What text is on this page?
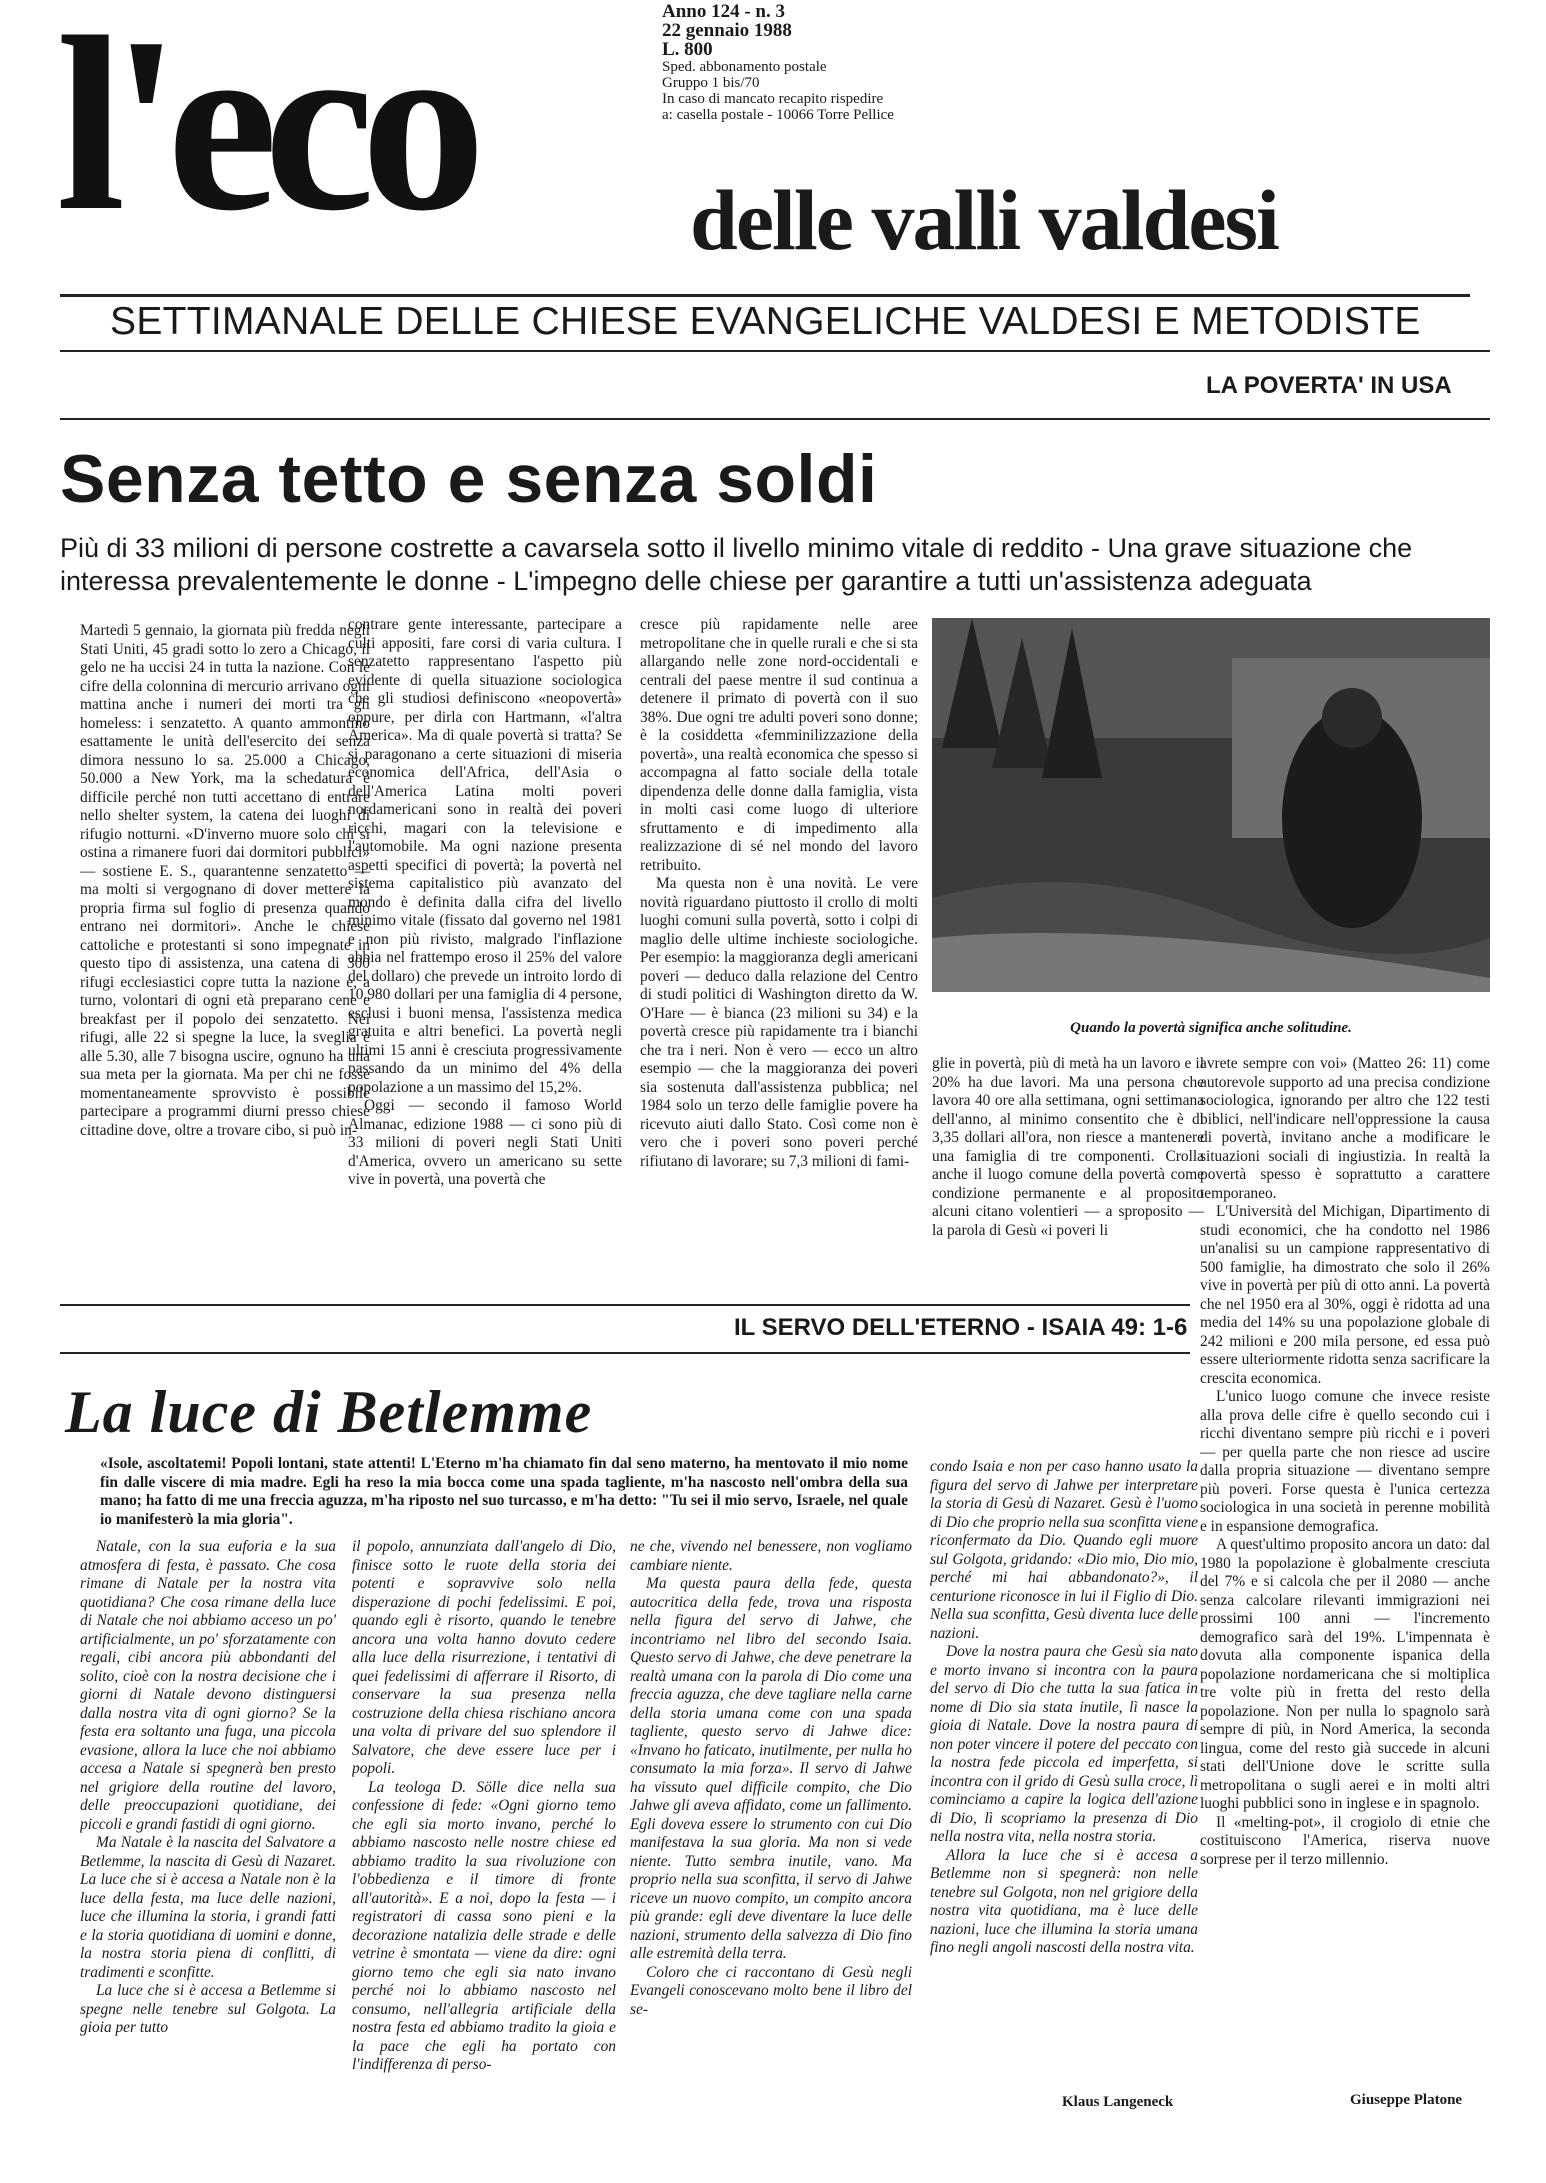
l'eco	Anno 124 - n. 3
22 gennaio 1988
L. 800
Sped. abbonamento postale
Gruppo 1 bis/70
In caso di mancato recapito rispedire
a: casella postale - 10066 Torre Pellice
delle valli valdesi
SETTIMANALE DELLE CHIESE EVANGELICHE VALDESI E METODISTE
LA POVERTA' IN USA
Senza tetto e senza soldi
Più di 33 milioni di persone costrette a cavarsela sotto il livello minimo vitale di reddito - Una grave situazione che interessa prevalentemente le donne - L'impegno delle chiese per garantire a tutti un'assistenza adeguata

Martedì 5 gennaio, la giornata più fredda negli Stati Uniti, 45 gradi sotto lo zero a Chicago, il gelo ne ha uccisi 24 in tutta la nazione. Con le cifre della colonnina di mercurio arrivano ogni mattina anche i numeri dei morti tra gli homeless: i senzatetto. A quanto ammontino esattamente le unità dell'esercito dei senza dimora nessuno lo sa. 25.000 a Chicago, 50.000 a New York, ma la schedatura è difficile perché non tutti accettano di entrare nello shelter system, la catena dei luoghi di rifugio notturni. «D'inverno muore solo chi si ostina a rimanere fuori dai dormitori pubblici» — sostiene E. S., quarantenne senzatetto — ma molti si vergognano di dover mettere la propria firma sul foglio di presenza quando entrano nei dormitori». Anche le chiese cattoliche e protestanti si sono impegnate in questo tipo di assistenza, una catena di 300 rifugi ecclesiastici copre tutta la nazione e, a turno, volontari di ogni età preparano cene e breakfast per il popolo dei senzatetto. Nei rifugi, alle 22 si spegne la luce, la sveglia è alle 5.30, alle 7 bisogna uscire, ognuno ha una sua meta per la giornata. Ma per chi ne fosse momentaneamente sprovvisto è possibile partecipare a programmi diurni presso chiese cittadine dove, oltre a trovare cibo, si può in-

contrare gente interessante, partecipare a culti appositi, fare corsi di varia cultura. I senzatetto rappresentano l'aspetto più evidente di quella situazione sociologica che gli studiosi definiscono «neopovertà» oppure, per dirla con Hartmann, «l'altra America». Ma di quale povertà si tratta? Se si paragonano a certe situazioni di miseria economica dell'Africa, dell'Asia o dell'America Latina molti poveri nordamericani sono in realtà dei poveri ricchi, magari con la televisione e l'automobile. Ma ogni nazione presenta aspetti specifici di povertà; la povertà nel sistema capitalistico più avanzato del mondo è definita dalla cifra del livello minimo vitale (fissato dal governo nel 1981 e non più rivisto, malgrado l'inflazione abbia nel frattempo eroso il 25% del valore del dollaro) che prevede un introito lordo di 10.980 dollari per una famiglia di 4 persone, esclusi i buoni mensa, l'assistenza medica gratuita e altri benefici. La povertà negli ultimi 15 anni è cresciuta progressivamente passando da un minimo del 4% della popolazione a un massimo del 15,2%.

Oggi — secondo il famoso World Almanac, edizione 1988 — ci sono più di 33 milioni di poveri negli Stati Uniti d'America, ovvero un americano su sette vive in povertà, una povertà che

cresce più rapidamente nelle aree metropolitane che in quelle rurali e che si sta allargando nelle zone nord-occidentali e centrali del paese mentre il sud continua a detenere il primato di povertà con il suo 38%. Due ogni tre adulti poveri sono donne; è la cosiddetta «femminilizzazione della povertà», una realtà economica che spesso si accompagna al fatto sociale della totale dipendenza delle donne dalla famiglia, vista in molti casi come luogo di ulteriore sfruttamento e di impedimento alla realizzazione di sé nel mondo del lavoro retribuito.

Ma questa non è una novità. Le vere novità riguardano piuttosto il crollo di molti luoghi comuni sulla povertà, sotto i colpi di maglio delle ultime inchieste sociologiche. Per esempio: la maggioranza degli americani poveri — deduco dalla relazione del Centro di studi politici di Washington diretto da W. O'Hare — è bianca (23 milioni su 34) e la povertà cresce più rapidamente tra i bianchi che tra i neri. Non è vero — ecco un altro esempio — che la maggioranza dei poveri sia sostenuta dall'assistenza pubblica; nel 1984 solo un terzo delle famiglie povere ha ricevuto aiuti dallo Stato. Così come non è vero che i poveri sono poveri perché rifiutano di lavorare; su 7,3 milioni di fami-

Quando la povertà significa anche solitudine.

glie in povertà, più di metà ha un lavoro e il 20% ha due lavori. Ma una persona che lavora 40 ore alla settimana, ogni settimana dell'anno, al minimo consentito che è di 3,35 dollari all'ora, non riesce a mantenere una famiglia di tre componenti. Crolla anche il luogo comune della povertà come condizione permanente e al proposito alcuni citano volentieri — a sproposito — la parola di Gesù «i poveri li

avrete sempre con voi» (Matteo 26: 11) come autorevole supporto ad una precisa condizione sociologica, ignorando per altro che 122 testi biblici, nell'indicare nell'oppressione la causa di povertà, invitano anche a modificare le situazioni sociali di ingiustizia. In realtà la povertà spesso è soprattutto a carattere temporaneo.

L'Università del Michigan, Dipartimento di studi economici, che ha condotto nel 1986 un'analisi su un campione rappresentativo di 500 famiglie, ha dimostrato che solo il 26% vive in povertà per più di otto anni. La povertà che nel 1950 era al 30%, oggi è ridotta ad una media del 14% su una popolazione globale di 242 milioni e 200 mila persone, ed essa può essere ulteriormente ridotta senza sacrificare la crescita economica.

L'unico luogo comune che invece resiste alla prova delle cifre è quello secondo cui i ricchi diventano sempre più ricchi e i poveri — per quella parte che non riesce ad uscire dalla propria situazione — diventano sempre più poveri. Forse questa è l'unica certezza sociologica in una società in perenne mobilità e in espansione demografica.

A quest'ultimo proposito ancora un dato: dal 1980 la popolazione è globalmente cresciuta del 7% e si calcola che per il 2080 — anche senza calcolare rilevanti immigrazioni nei prossimi 100 anni — l'incremento demografico sarà del 19%. L'impennata è dovuta alla componente ispanica della popolazione nordamericana che si moltiplica tre volte più in fretta del resto della popolazione. Non per nulla lo spagnolo sarà sempre di più, in Nord America, la seconda lingua, come del resto già succede in alcuni stati dell'Unione dove le scritte sulla metropolitana o sugli aerei e in molti altri luoghi pubblici sono in inglese e in spagnolo.

Il «melting-pot», il crogiolo di etnie che costituiscono l'America, riserva nuove sorprese per il terzo millennio.

Giuseppe Platone
IL SERVO DELL'ETERNO - ISAIA 49: 1-6
La luce di Betlemme
«Isole, ascoltatemi! Popoli lontani, state attenti! L'Eterno m'ha chiamato fin dal seno materno, ha mentovato il mio nome fin dalle viscere di mia madre. Egli ha reso la mia bocca come una spada tagliente, m'ha nascosto nell'ombra della sua mano; ha fatto di me una freccia aguzza, m'ha riposto nel suo turcasso, e m'ha detto: "Tu sei il mio servo, Israele, nel quale io manifesterò la mia gloria".

Natale, con la sua euforia e la sua atmosfera di festa, è passato. Che cosa rimane di Natale per la nostra vita quotidiana? Che cosa rimane della luce di Natale che noi abbiamo acceso un po' artificialmente, un po' sforzatamente con regali, cibi ancora più abbondanti del solito, cioè con la nostra decisione che i giorni di Natale devono distinguersi dalla nostra vita di ogni giorno? Se la festa era soltanto una fuga, una piccola evasione, allora la luce che noi abbiamo accesa a Natale si spegnerà ben presto nel grigiore della routine del lavoro, delle preoccupazioni quotidiane, dei piccoli e grandi fastidi di ogni giorno.

Ma Natale è la nascita del Salvatore a Betlemme, la nascita di Gesù di Nazaret. La luce che si è accesa a Natale non è la luce della festa, ma luce delle nazioni, luce che illumina la storia, i grandi fatti e la storia quotidiana di uomini e donne, la nostra storia piena di conflitti, di tradimenti e sconfitte.

La luce che si è accesa a Betlemme si spegne nelle tenebre sul Golgota. La gioia per tutto

il popolo, annunziata dall'angelo di Dio, finisce sotto le ruote della storia dei potenti e sopravvive solo nella disperazione di pochi fedelissimi. E poi, quando egli è risorto, quando le tenebre ancora una volta hanno dovuto cedere alla luce della risurrezione, i tentativi di quei fedelissimi di afferrare il Risorto, di conservare la sua presenza nella costruzione della chiesa rischiano ancora una volta di privare del suo splendore il Salvatore, che deve essere luce per i popoli.

La teologa D. Sölle dice nella sua confessione di fede: «Ogni giorno temo che egli sia morto invano, perché lo abbiamo nascosto nelle nostre chiese ed abbiamo tradito la sua rivoluzione con l'obbedienza e il timore di fronte all'autorità». E a noi, dopo la festa — i registratori di cassa sono pieni e la decorazione natalizia delle strade e delle vetrine è smontata — viene da dire: ogni giorno temo che egli sia nato invano perché noi lo abbiamo nascosto nel consumo, nell'allegria artificiale della nostra festa ed abbiamo tradito la gioia e la pace che egli ha portato con l'indifferenza di perso-

ne che, vivendo nel benessere, non vogliamo cambiare niente.

Ma questa paura della fede, questa autocritica della fede, trova una risposta nella figura del servo di Jahwe, che incontriamo nel libro del secondo Isaia. Questo servo di Jahwe, che deve penetrare la realtà umana con la parola di Dio come una freccia aguzza, che deve tagliare nella carne della storia umana come con una spada tagliente, questo servo di Jahwe dice: «Invano ho faticato, inutilmente, per nulla ho consumato la mia forza». Il servo di Jahwe ha vissuto quel difficile compito, che Dio Jahwe gli aveva affidato, come un fallimento. Egli doveva essere lo strumento con cui Dio manifestava la sua gloria. Ma non si vede niente. Tutto sembra inutile, vano. Ma proprio nella sua sconfitta, il servo di Jahwe riceve un nuovo compito, un compito ancora più grande: egli deve diventare la luce delle nazioni, strumento della salvezza di Dio fino alle estremità della terra.

Coloro che ci raccontano di Gesù negli Evangeli conoscevano molto bene il libro del se-

condo Isaia e non per caso hanno usato la figura del servo di Jahwe per interpretare la storia di Gesù di Nazaret. Gesù è l'uomo di Dio che proprio nella sua sconfitta viene riconfermato da Dio. Quando egli muore sul Golgota, gridando: «Dio mio, Dio mio, perché mi hai abbandonato?», il centurione riconosce in lui il Figlio di Dio. Nella sua sconfitta, Gesù diventa luce delle nazioni.

Dove la nostra paura che Gesù sia nato e morto invano si incontra con la paura del servo di Dio che tutta la sua fatica in nome di Dio sia stata inutile, lì nasce la gioia di Natale. Dove la nostra paura di non poter vincere il potere del peccato con la nostra fede piccola ed imperfetta, si incontra con il grido di Gesù sulla croce, lì cominciamo a capire la logica dell'azione di Dio, lì scopriamo la presenza di Dio nella nostra vita, nella nostra storia.

Allora la luce che si è accesa a Betlemme non si spegnerà: non nelle tenebre sul Golgota, non nel grigiore della nostra vita quotidiana, ma è luce delle nazioni, luce che illumina la storia umana fino negli angoli nascosti della nostra vita.

Klaus Langeneck
